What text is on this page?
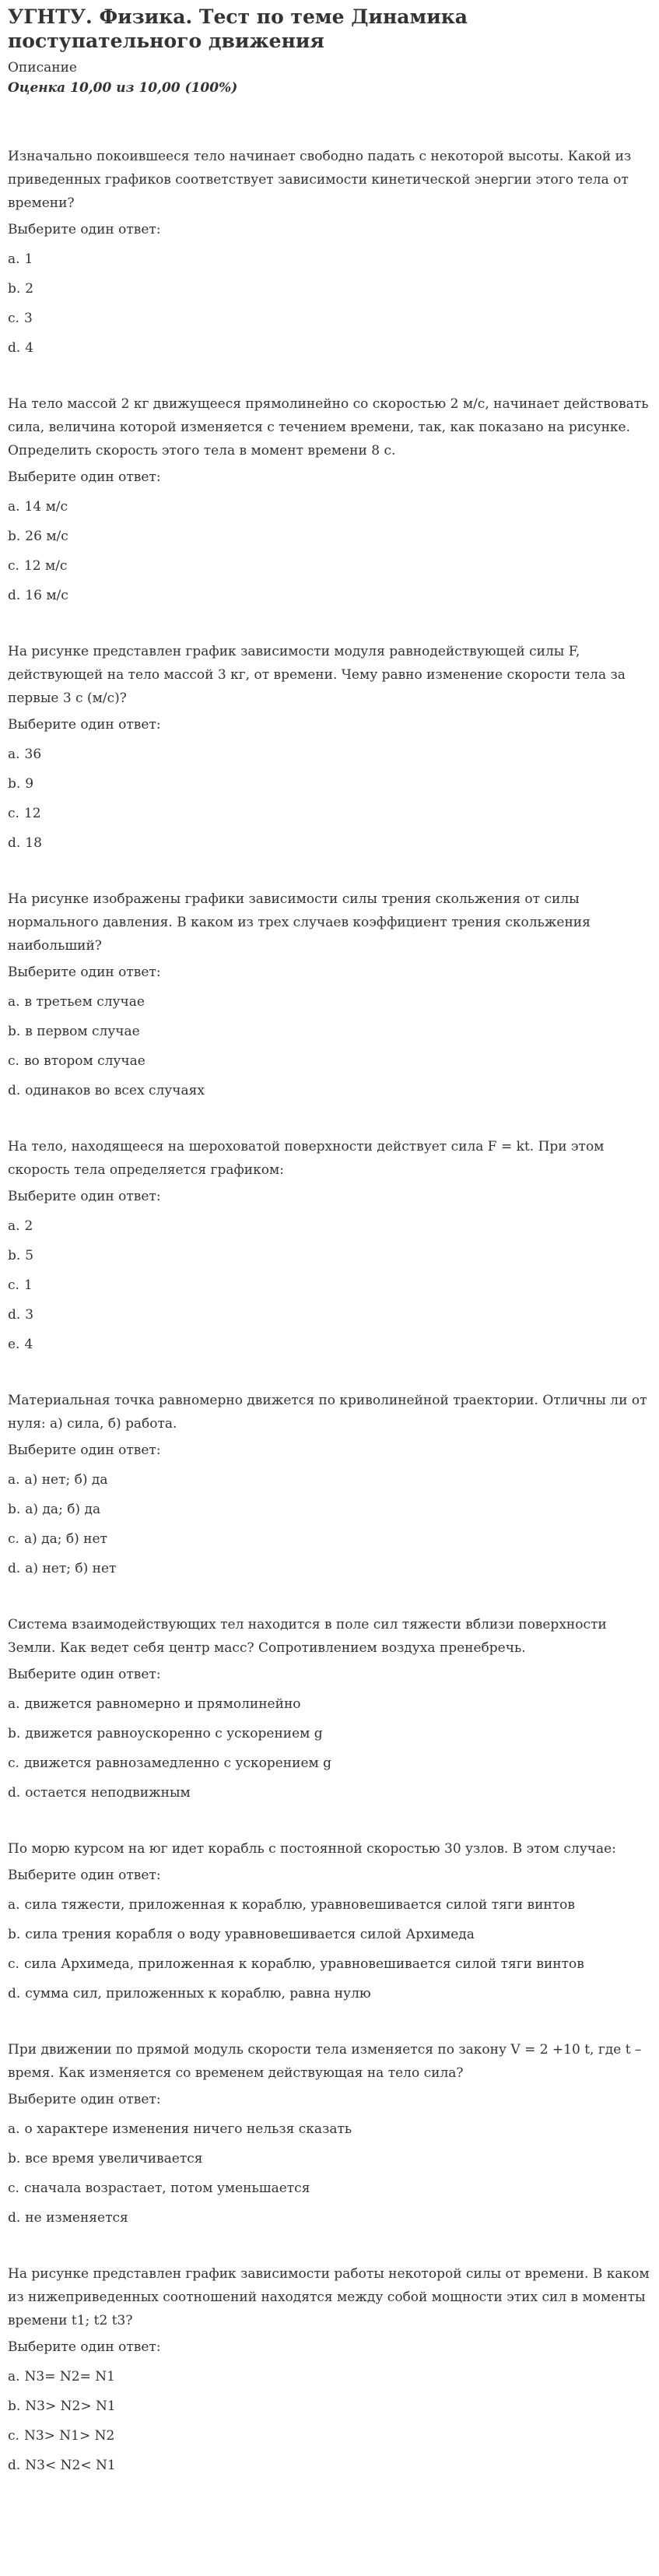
УГНТУ. Физика. Тест по теме Динамика поступательного движения
Описание
Оценка 10,00 из 10,00 (100%)
Изначально покоившееся тело начинает свободно падать с некоторой высоты. Какой из приведенных графиков соответствует зависимости кинетической энергии этого тела от времени?
Выберите один ответ:
a. 1
b. 2
c. 3
d. 4
На тело массой 2 кг движущееся прямолинейно со скоростью 2 м/с, начинает действовать сила, величина которой изменяется с течением времени, так, как показано на рисунке. Определить скорость этого тела в момент времени 8 с.
Выберите один ответ:
a. 14 м/с
b. 26 м/с
c. 12 м/с
d. 16 м/с
На рисунке представлен график зависимости модуля равнодействующей силы F, действующей на тело массой 3 кг, от времени. Чему равно изменение скорости тела за первые 3 с (м/с)?
Выберите один ответ:
a. 36
b. 9
c. 12
d. 18
На рисунке изображены графики зависимости силы трения скольжения от силы нормального давления. В каком из трех случаев коэффициент трения скольжения наибольший?
Выберите один ответ:
a. в третьем случае
b. в первом случае
c. во втором случае
d. одинаков во всех случаях
На тело, находящееся на шероховатой поверхности действует сила F = kt. При этом скорость тела определяется графиком:
Выберите один ответ:
a. 2
b. 5
c. 1
d. 3
e. 4
Материальная точка равномерно движется по криволинейной траектории. Отличны ли от нуля: а) сила, б) работа.
Выберите один ответ:
a. а) нет; б) да
b. а) да; б) да
c. а) да; б) нет
d. а) нет; б) нет
Система взаимодействующих тел находится в поле сил тяжести вблизи поверхности Земли. Как ведет себя центр масс? Сопротивлением воздуха пренебречь.
Выберите один ответ:
a. движется равномерно и прямолинейно
b. движется равноускоренно с ускорением g
c. движется равнозамедленно с ускорением g
d. остается неподвижным
По морю курсом на юг идет корабль с постоянной скоростью 30 узлов. В этом случае:
Выберите один ответ:
a. сила тяжести, приложенная к кораблю, уравновешивается силой тяги винтов
b. сила трения корабля о воду уравновешивается силой Архимеда
c. сила Архимеда, приложенная к кораблю, уравновешивается силой тяги винтов
d. сумма сил, приложенных к кораблю, равна нулю
При движении по прямой модуль скорости тела изменяется по закону V = 2 +10 t, где t – время. Как изменяется со временем действующая на тело сила?
Выберите один ответ:
a. о характере изменения ничего нельзя сказать
b. все время увеличивается
c. сначала возрастает, потом уменьшается
d. не изменяется
На рисунке представлен график зависимости работы некоторой силы от времени. В каком из нижеприведенных соотношений находятся между собой мощности этих сил в моменты времени t1; t2 t3?
Выберите один ответ:
a. N3= N2= N1
b. N3> N2> N1
c. N3> N1> N2
d. N3< N2< N1
